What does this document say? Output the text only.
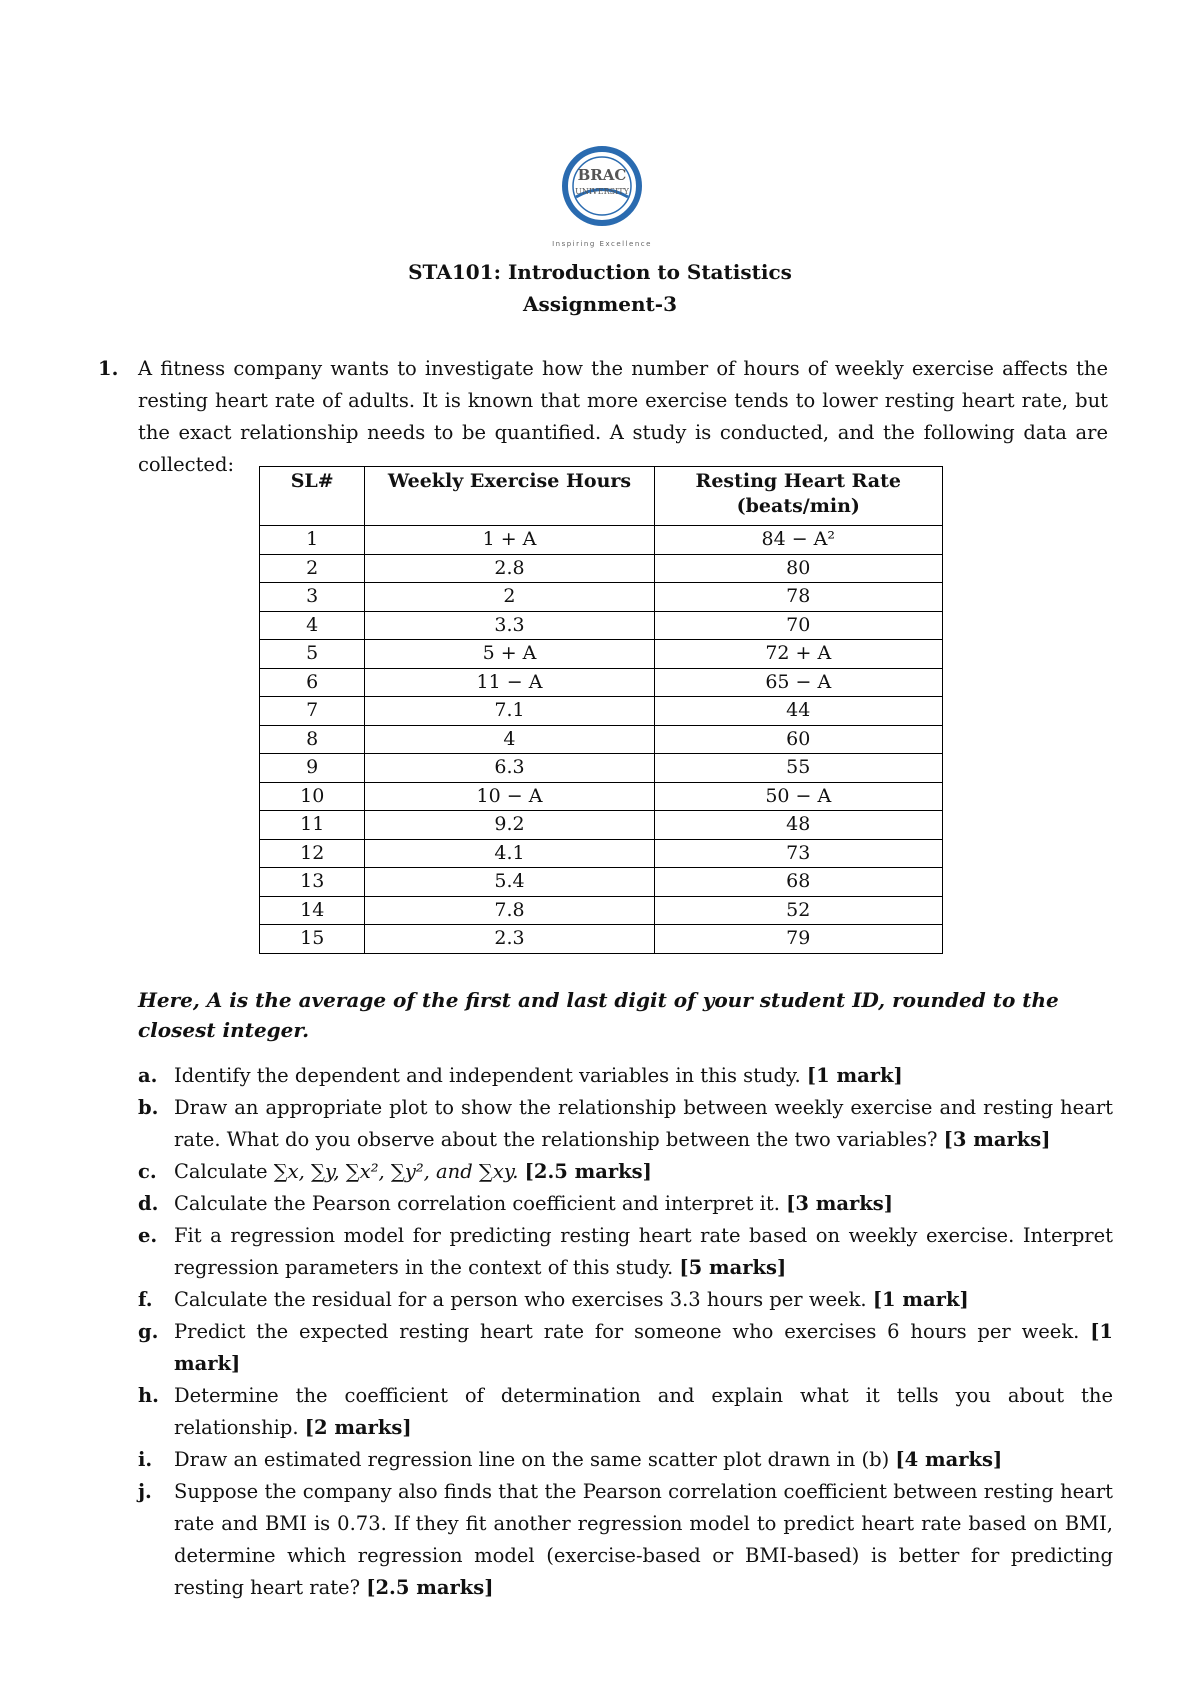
BRAC
UNIVERSITY
Inspiring Excellence
STA101: Introduction to Statistics
Assignment-3
1. A fitness company wants to investigate how the number of hours of weekly exercise affects the resting heart rate of adults. It is known that more exercise tends to lower resting heart rate, but the exact relationship needs to be quantified. A study is conducted, and the following data are collected:
SL#	Weekly Exercise Hours	Resting Heart Rate
(beats/min)

1	1 + A	84 − A²
2	2.8	80
3	2	78
4	3.3	70
5	5 + A	72 + A
6	11 − A	65 − A
7	7.1	44
8	4	60
9	6.3	55
10	10 − A	50 − A
11	9.2	48
12	4.1	73
13	5.4	68
14	7.8	52
15	2.3	79
Here, A is the average of the first and last digit of your student ID, rounded to the closest integer.
a. Identify the dependent and independent variables in this study. [1 mark]
b. Draw an appropriate plot to show the relationship between weekly exercise and resting heart rate. What do you observe about the relationship between the two variables? [3 marks]
c. Calculate ∑x, ∑y, ∑x², ∑y², and ∑xy. [2.5 marks]
d. Calculate the Pearson correlation coefficient and interpret it. [3 marks]
e. Fit a regression model for predicting resting heart rate based on weekly exercise. Interpret regression parameters in the context of this study. [5 marks]
f. Calculate the residual for a person who exercises 3.3 hours per week. [1 mark]
g. Predict the expected resting heart rate for someone who exercises 6 hours per week. [1 mark]
h. Determine the coefficient of determination and explain what it tells you about the relationship. [2 marks]
i. Draw an estimated regression line on the same scatter plot drawn in (b) [4 marks]
j. Suppose the company also finds that the Pearson correlation coefficient between resting heart rate and BMI is 0.73. If they fit another regression model to predict heart rate based on BMI, determine which regression model (exercise-based or BMI-based) is better for predicting resting heart rate? [2.5 marks]
